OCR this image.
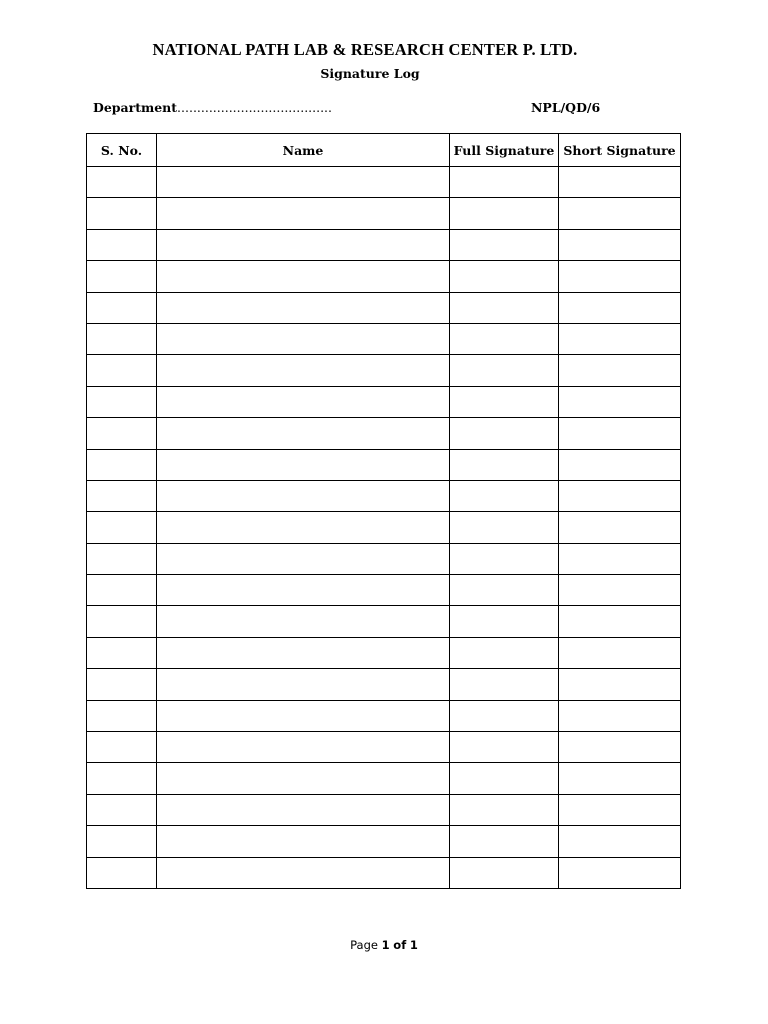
NATIONAL PATH LAB & RESEARCH CENTER P. LTD.
Signature Log
Department.......................................	NPL/QD/6
S. No.	Name	Full Signature	Short Signature

Page 1 of 1
